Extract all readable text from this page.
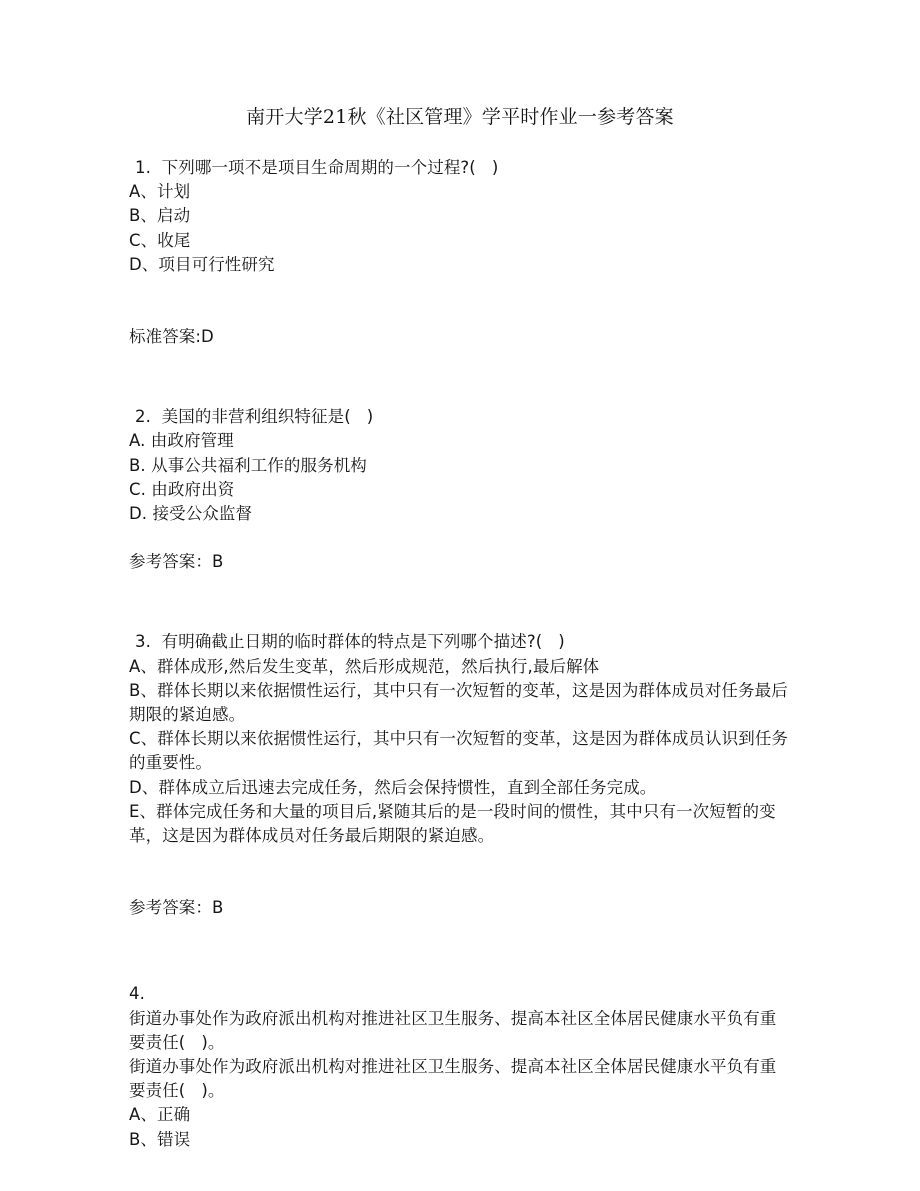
南开大学21秋《社区管理》学平时作业一参考答案
1.  下列哪一项不是项目生命周期的一个过程?(   )
A、计划
B、启动
C、收尾
D、项目可行性研究
标准答案:D
2.  美国的非营利组织特征是(   )
A. 由政府管理
B. 从事公共福利工作的服务机构
C. 由政府出资
D. 接受公众监督
参考答案：B
3.  有明确截止日期的临时群体的特点是下列哪个描述?(   )
A、群体成形,然后发生变革，然后形成规范，然后执行,最后解体
B、群体长期以来依据惯性运行，其中只有一次短暂的变革，这是因为群体成员对任务最后期限的紧迫感。
C、群体长期以来依据惯性运行，其中只有一次短暂的变革，这是因为群体成员认识到任务的重要性。
D、群体成立后迅速去完成任务，然后会保持惯性，直到全部任务完成。
E、群体完成任务和大量的项目后,紧随其后的是一段时间的惯性，其中只有一次短暂的变革，这是因为群体成员对任务最后期限的紧迫感。
参考答案：B
4.
街道办事处作为政府派出机构对推进社区卫生服务、提高本社区全体居民健康水平负有重要责任(   )。
街道办事处作为政府派出机构对推进社区卫生服务、提高本社区全体居民健康水平负有重要责任(   )。
A、正确
B、错误
